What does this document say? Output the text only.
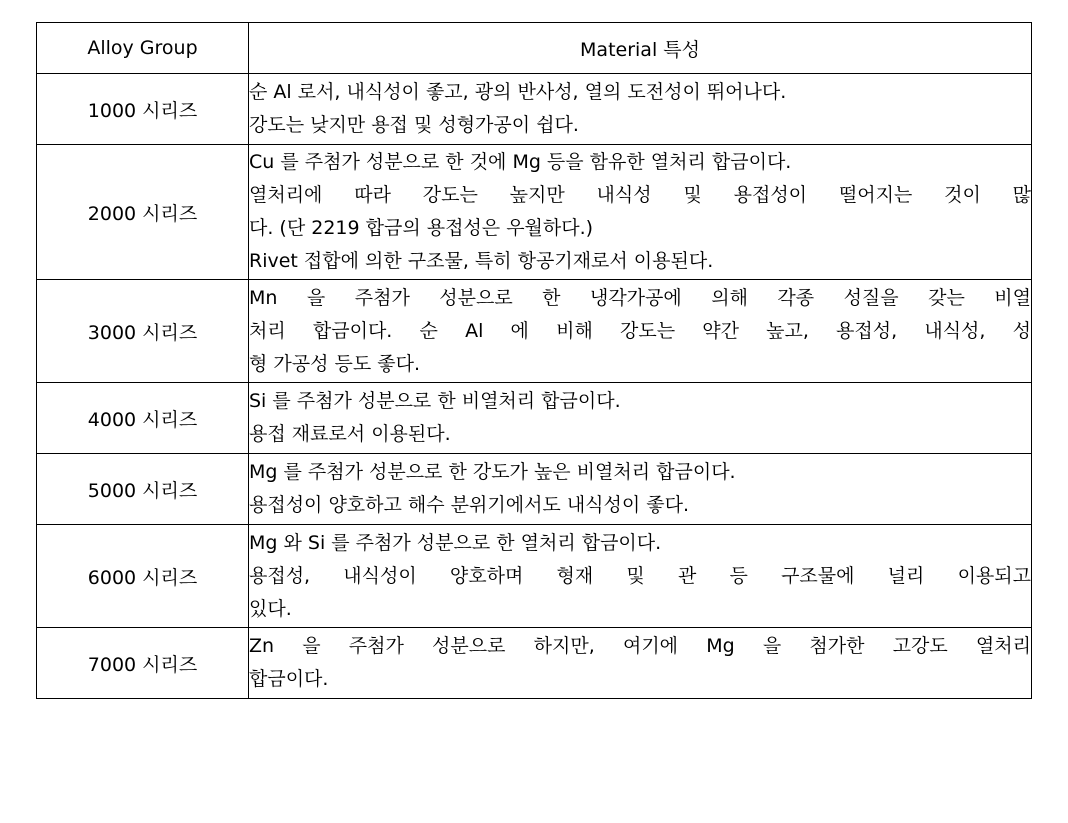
Alloy Group	Material 특성
1000 시리즈	순 Al 로서, 내식성이 좋고, 광의 반사성, 열의 도전성이 뛰어나다.
강도는 낮지만 용접 및 성형가공이 쉽다.

2000 시리즈	Cu 를 주첨가 성분으로 한 것에 Mg 등을 함유한 열처리 합금이다.
열처리에 따라 강도는 높지만 내식성 및 용접성이 떨어지는 것이 많
다. (단 2219 합금의 용접성은 우월하다.)
Rivet 접합에 의한 구조물, 특히 항공기재로서 이용된다.

3000 시리즈	Mn 을 주첨가 성분으로 한 냉각가공에 의해 각종 성질을 갖는 비열
처리 합금이다. 순 Al 에 비해 강도는 약간 높고, 용접성, 내식성, 성
형 가공성 등도 좋다.

4000 시리즈	Si 를 주첨가 성분으로 한 비열처리 합금이다.
용접 재료로서 이용된다.

5000 시리즈	Mg 를 주첨가 성분으로 한 강도가 높은 비열처리 합금이다.
용접성이 양호하고 해수 분위기에서도 내식성이 좋다.

6000 시리즈	Mg 와 Si 를 주첨가 성분으로 한 열처리 합금이다.
용접성, 내식성이 양호하며 형재 및 관 등 구조물에 널리 이용되고
있다.

7000 시리즈	Zn 을 주첨가 성분으로 하지만, 여기에 Mg 을 첨가한 고강도 열처리
합금이다.
